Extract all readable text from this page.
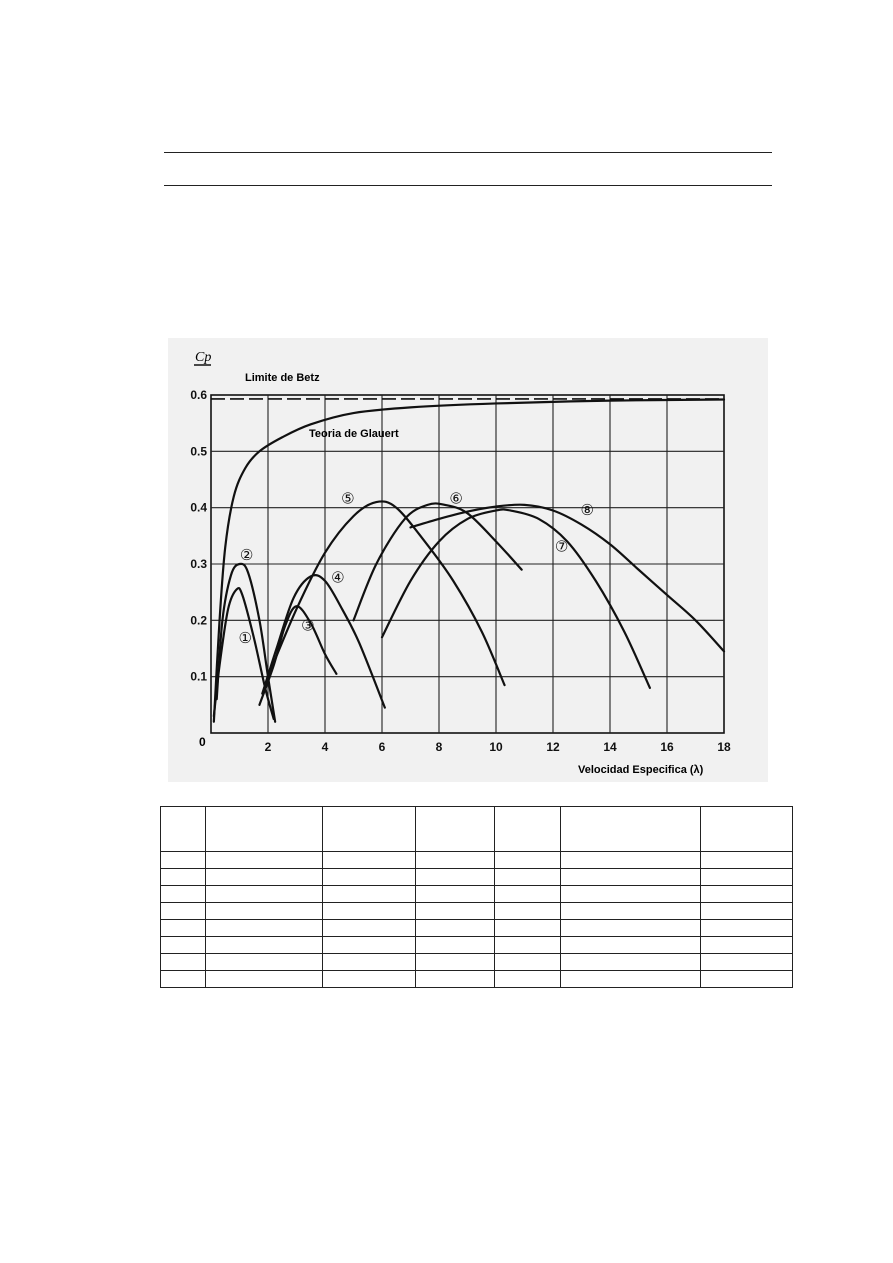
①
②
③
④
⑤	⑥
⑦
⑧
2	4	6	8	10	12	14	16	18
0.1
0.2
0.3
0.4
0.5
0.6
Cp
Velocidad Especifica (λ)
Limite de Betz
Teoria de Glauert
0
